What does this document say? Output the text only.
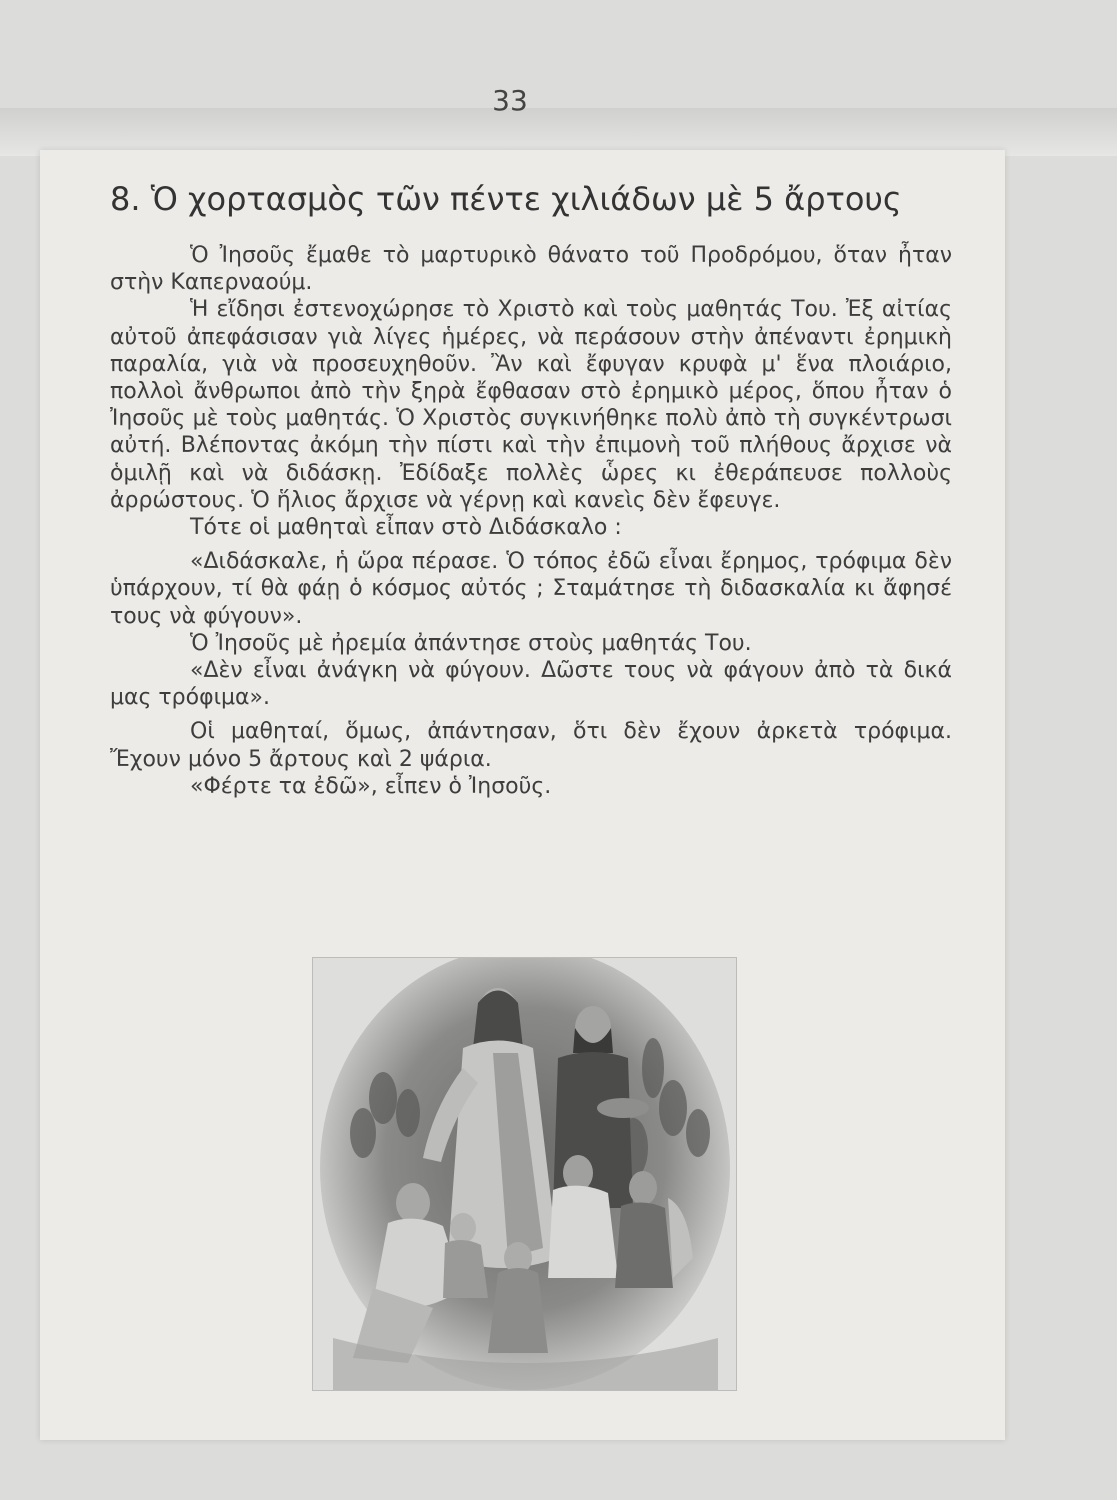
33
8. Ὁ χορτασμὸς τῶν πέντε χιλιάδων μὲ 5 ἄρτους

Ὁ Ἰησοῦς ἔμαθε τὸ μαρτυρικὸ θάνατο τοῦ Προδρόμου, ὅταν ἦταν στὴν Καπερναούμ.

Ἡ εἴδησι ἐστενοχώρησε τὸ Χριστὸ καὶ τοὺς μαθητάς Του. Ἐξ αἰτίας αὐτοῦ ἀπεφάσισαν γιὰ λίγες ἡμέρες, νὰ περάσουν στὴν ἀπέναντι ἐρημικὴ παραλία, γιὰ νὰ προσευχηθοῦν. Ἂν καὶ ἔφυγαν κρυφὰ μ' ἕνα πλοιάριο, πολλοὶ ἄνθρωποι ἀπὸ τὴν ξηρὰ ἔφθασαν στὸ ἐρημικὸ μέρος, ὅπου ἦταν ὁ Ἰησοῦς μὲ τοὺς μαθητάς. Ὁ Χριστὸς συγκινήθηκε πολὺ ἀπὸ τὴ συγκέντρωσι αὐτή. Βλέποντας ἀκόμη τὴν πίστι καὶ τὴν ἐπιμονὴ τοῦ πλήθους ἄρχισε νὰ ὁμιλῇ καὶ νὰ διδάσκῃ. Ἐδίδαξε πολλὲς ὧρες κι ἐθεράπευσε πολλοὺς ἀρρώστους. Ὁ ἥλιος ἄρχισε νὰ γέρνῃ καὶ κανεὶς δὲν ἔφευγε.

Τότε οἱ μαθηταὶ εἶπαν στὸ Διδάσκαλο :

«Διδάσκαλε, ἡ ὥρα πέρασε. Ὁ τόπος ἐδῶ εἶναι ἔρημος, τρόφιμα δὲν ὑπάρχουν, τί θὰ φάῃ ὁ κόσμος αὐτός ; Σταμάτησε τὴ διδασκαλία κι ἄφησέ τους νὰ φύγουν».

Ὁ Ἰησοῦς μὲ ἠρεμία ἀπάντησε στοὺς μαθητάς Του.

«Δὲν εἶναι ἀνάγκη νὰ φύγουν. Δῶστε τους νὰ φάγουν ἀπὸ τὰ δικά μας τρόφιμα».

Οἱ μαθηταί, ὅμως, ἀπάντησαν, ὅτι δὲν ἔχουν ἀρκετὰ τρόφιμα. Ἔχουν μόνο 5 ἄρτους καὶ 2 ψάρια.

«Φέρτε τα ἐδῶ», εἶπεν ὁ Ἰησοῦς.
